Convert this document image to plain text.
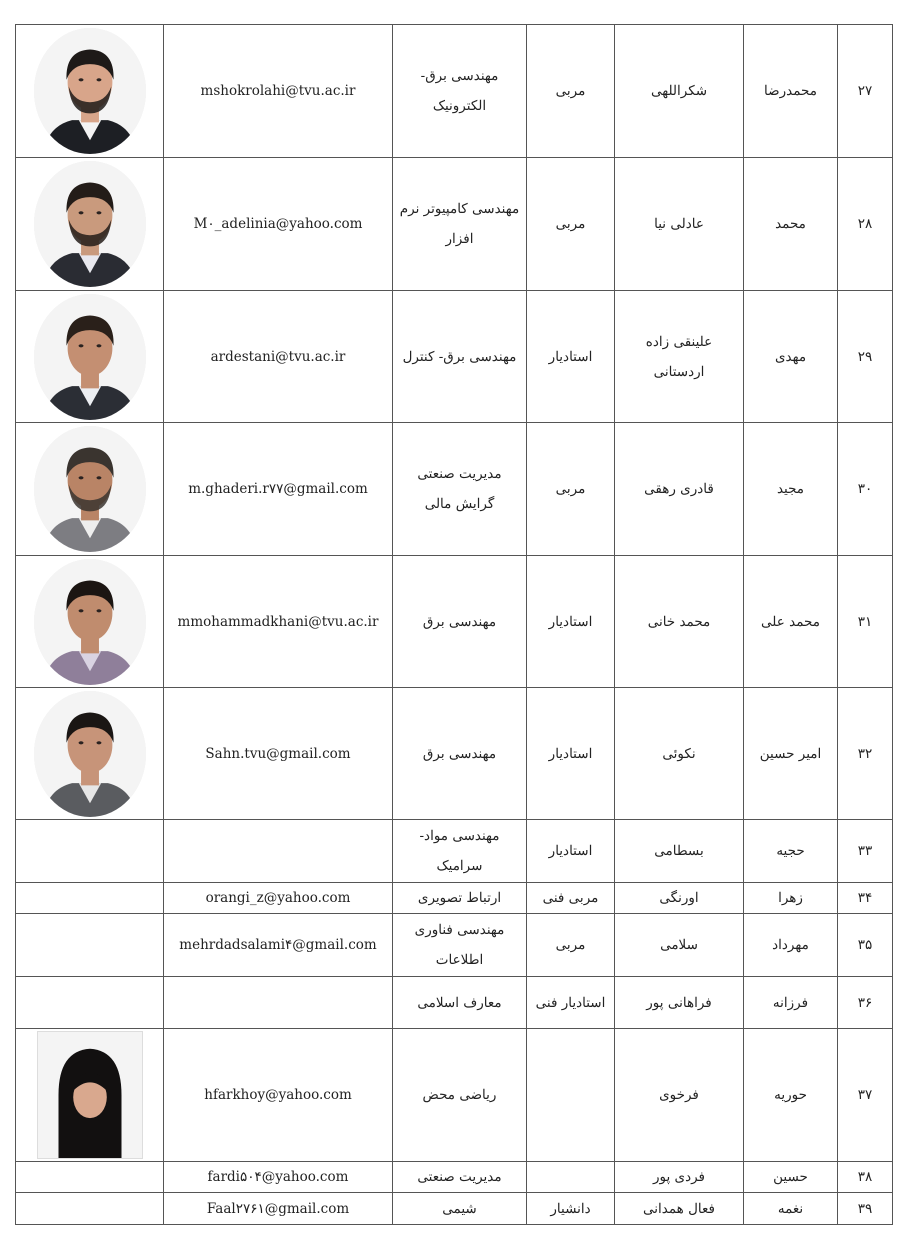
	mshokrolahi@tvu.ac.ir	مهندسی برق- الکترونیک	مربی	شکراللهی	محمدرضا	۲۷

	M۰_adelinia@yahoo.com	مهندسی کامپیوتر نرم افزار	مربی	عادلی نیا	محمد	۲۸

	ardestani@tvu.ac.ir	مهندسی برق- کنترل	استادیار	علینقی زاده اردستانی	مهدی	۲۹

	m.ghaderi.r۷۷@gmail.com	مدیریت صنعتی گرایش مالی	مربی	قادری رهقی	مجید	۳۰

	mmohammadkhani@tvu.ac.ir	مهندسی برق	استادیار	محمد خانی	محمد علی	۳۱

	Sahn.tvu@gmail.com	مهندسی برق	استادیار	نکوئی	امیر حسین	۳۲
		مهندسی مواد- سرامیک	استادیار	بسطامی	حجیه	۳۳
	orangi_z@yahoo.com	ارتباط تصویری	مربی فنی	اورنگی	زهرا	۳۴
	mehrdadsalami۴@gmail.com	مهندسی فناوری اطلاعات	مربی	سلامی	مهرداد	۳۵
		معارف اسلامی	استادیار فنی	فراهانی پور	فرزانه	۳۶

	hfarkhoy@yahoo.com	ریاضی محض		فرخوی	حوریه	۳۷
	fardi۵۰۴@yahoo.com	مدیریت صنعتی		فردی پور	حسین	۳۸
	Faal۲۷۶۱@gmail.com	شیمی	دانشیار	فعال همدانی	نغمه	۳۹
